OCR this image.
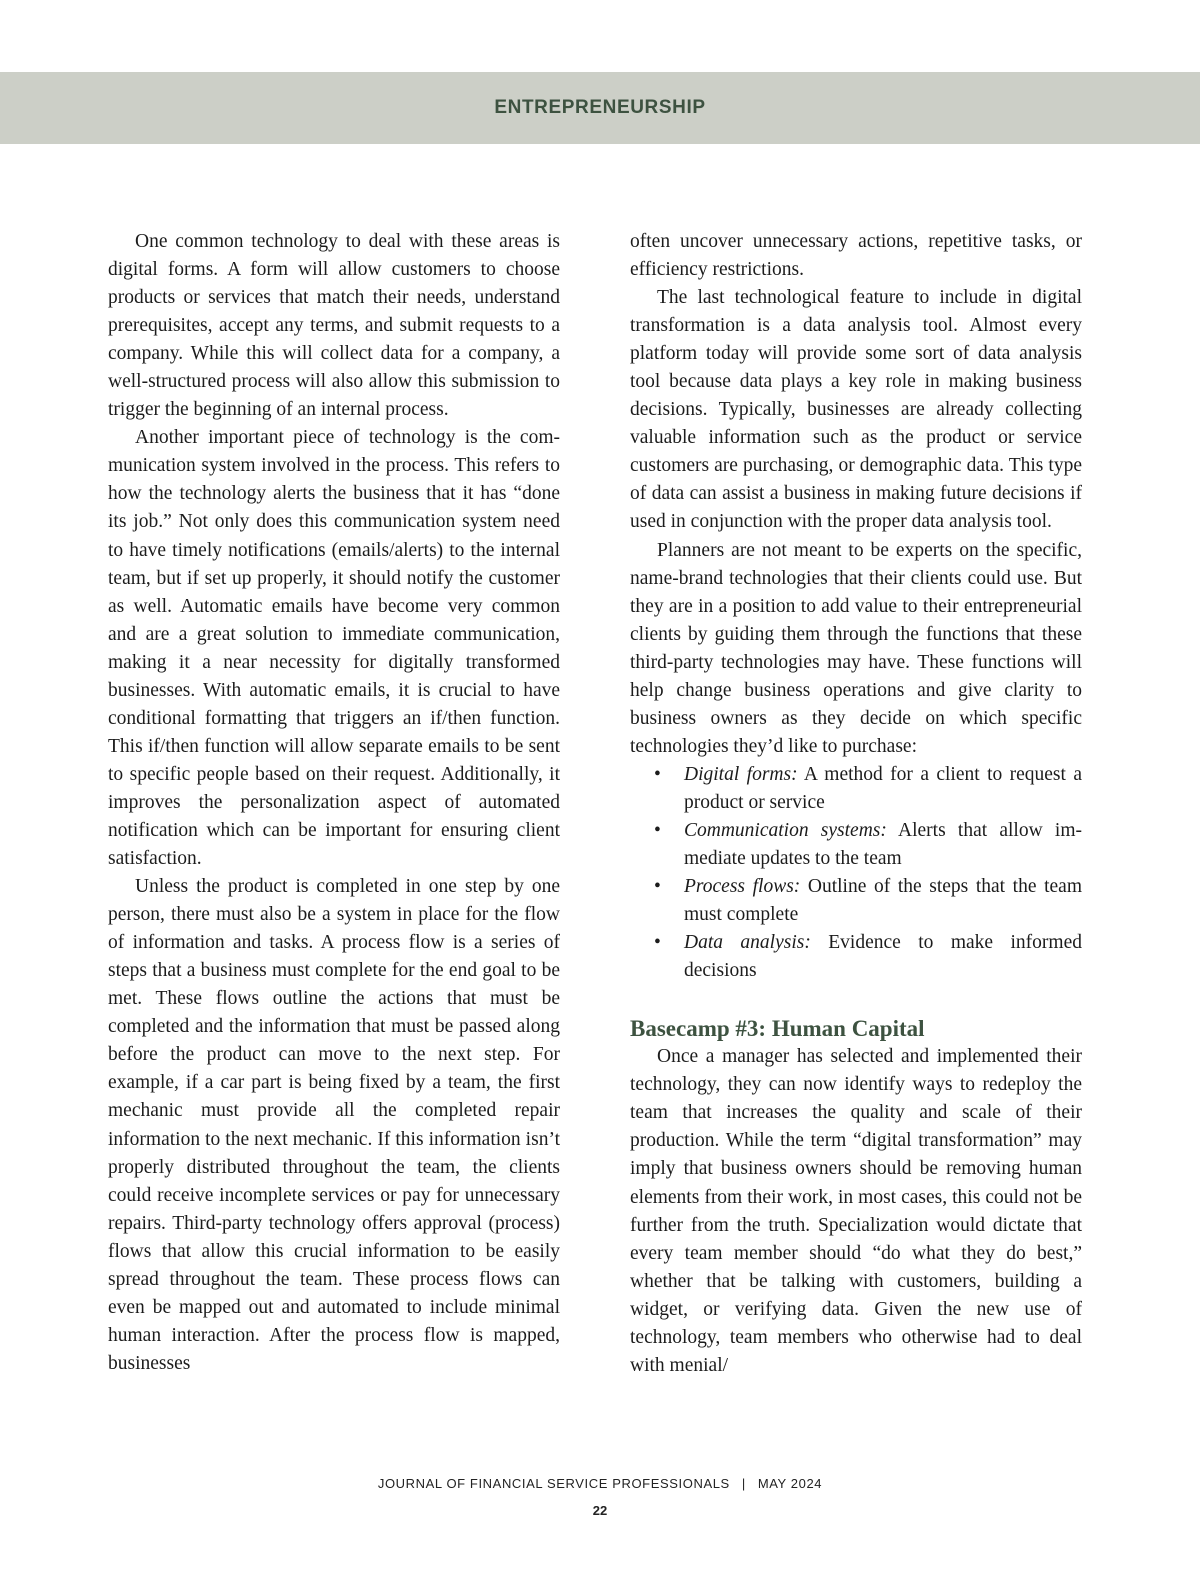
ENTREPRENEURSHIP

One common technology to deal with these areas is digital forms. A form will allow customers to choose products or services that match their needs, understand prerequisites, accept any terms, and submit requests to a company. While this will collect data for a company, a well-structured process will also allow this submission to trigger the beginning of an internal process.

Another important piece of technology is the communication system involved in the process. This refers to how the technology alerts the business that it has “done its job.” Not only does this communication system need to have timely notifications (emails/alerts) to the internal team, but if set up properly, it should notify the customer as well. Automatic emails have become very common and are a great solution to immediate communication, making it a near necessity for digitally transformed businesses. With automatic emails, it is crucial to have conditional formatting that triggers an if/then function. This if/then function will allow separate emails to be sent to specific people based on their request. Additionally, it improves the personalization aspect of automated notification which can be important for ensuring client satisfaction.

Unless the product is completed in one step by one person, there must also be a system in place for the flow of information and tasks. A process flow is a series of steps that a business must complete for the end goal to be met. These flows outline the actions that must be completed and the information that must be passed along before the product can move to the next step. For example, if a car part is being fixed by a team, the first mechanic must provide all the completed repair information to the next mechanic. If this information isn’t properly distributed throughout the team, the clients could receive incomplete services or pay for unnecessary repairs. Third-party technology offers approval (process) flows that allow this crucial information to be easily spread throughout the team. These process flows can even be mapped out and automated to include minimal human interaction. After the process flow is mapped, businesses

often uncover unnecessary actions, repetitive tasks, or efficiency restrictions.

The last technological feature to include in digital transformation is a data analysis tool. Almost every platform today will provide some sort of data analysis tool because data plays a key role in making business decisions. Typically, businesses are already collecting valuable information such as the product or service customers are purchasing, or demographic data. This type of data can assist a business in making future decisions if used in conjunction with the proper data analysis tool.

Planners are not meant to be experts on the specific, name-brand technologies that their clients could use. But they are in a position to add value to their entrepreneurial clients by guiding them through the functions that these third-party technologies may have. These functions will help change business operations and give clarity to business owners as they decide on which specific technologies they’d like to purchase:

• Digital forms: A method for a client to request a product or service
• Communication systems: Alerts that allow immediate updates to the team
• Process flows: Outline of the steps that the team must complete
• Data analysis: Evidence to make informed decisions
Basecamp #3: Human Capital

Once a manager has selected and implemented their technology, they can now identify ways to redeploy the team that increases the quality and scale of their production. While the term “digital transformation” may imply that business owners should be removing human elements from their work, in most cases, this could not be further from the truth. Specialization would dictate that every team member should “do what they do best,” whether that be talking with customers, building a widget, or verifying data. Given the new use of technology, team members who otherwise had to deal with menial/

JOURNAL OF FINANCIAL SERVICE PROFESSIONALS | MAY 2024
22
